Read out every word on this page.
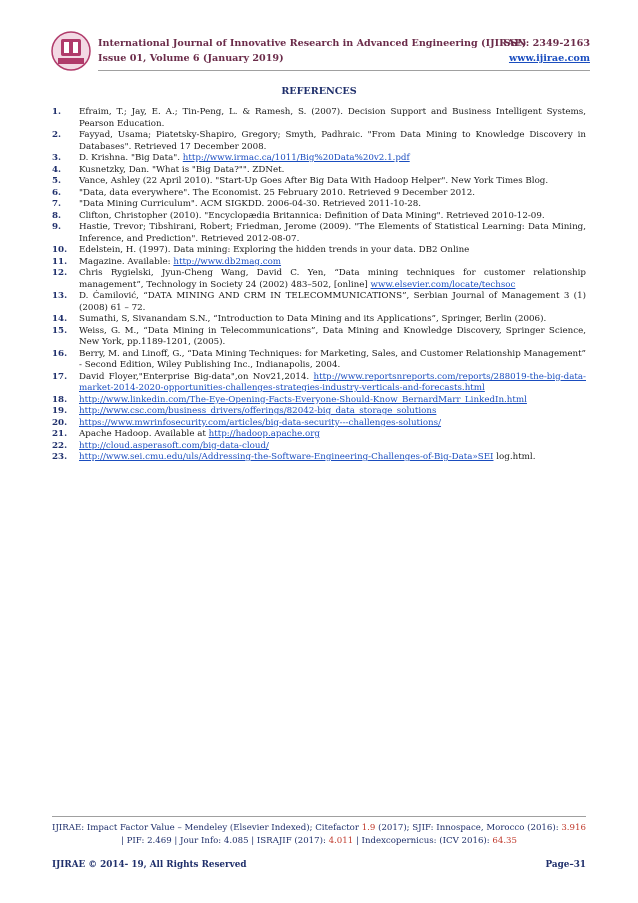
International Journal of Innovative Research in Advanced Engineering (IJIRAE)
ISSN: 2349-2163
Issue 01, Volume 6 (January 2019)	www.ijirae.com
REFERENCES
1.	Efraim, T.; Jay, E. A.; Tin-Peng, L. & Ramesh, S. (2007). Decision Support and Business Intelligent Systems, Pearson Education.
2.	Fayyad, Usama; Piatetsky-Shapiro, Gregory; Smyth, Padhraic. "From Data Mining to Knowledge Discovery in Databases". Retrieved 17 December 2008.
3.	D. Krishna. "Big Data". http://www.irmac.ca/1011/Big%20Data%20v2.1.pdf
4.	Kusnetzky, Dan. "What is "Big Data?"". ZDNet.
5.	Vance, Ashley (22 April 2010). "Start-Up Goes After Big Data With Hadoop Helper". New York Times Blog.
6.	"Data, data everywhere". The Economist. 25 February 2010. Retrieved 9 December 2012.
7.	"Data Mining Curriculum". ACM SIGKDD. 2006-04-30. Retrieved 2011-10-28.
8.	Clifton, Christopher (2010). "Encyclopædia Britannica: Definition of Data Mining". Retrieved 2010-12-09.
9.	Hastie, Trevor; Tibshirani, Robert; Friedman, Jerome (2009). "The Elements of Statistical Learning: Data Mining, Inference, and Prediction". Retrieved 2012-08-07.
10.	Edelstein, H. (1997). Data mining: Exploring the hidden trends in your data. DB2 Online
11.	Magazine. Available: http://www.db2mag.com
12.	Chris Rygielski, Jyun-Cheng Wang, David C. Yen, “Data mining techniques for customer relationship management”, Technology in Society 24 (2002) 483–502, [online] www.elsevier.com/locate/techsoc
13.	D. Ćamilović, “DATA MINING AND CRM IN TELECOMMUNICATIONS”, Serbian Journal of Management 3 (1) (2008) 61 – 72.
14.	Sumathi, S, Sivanandam S.N., “Introduction to Data Mining and its Applications”, Springer, Berlin (2006).
15.	Weiss, G. M., “Data Mining in Telecommunications”, Data Mining and Knowledge Discovery, Springer Science, New York, pp.1189-1201, (2005).
16.	Berry, M. and Linoff, G., “Data Mining Techniques: for Marketing, Sales, and Customer Relationship Management” - Second Edition, Wiley Publishing Inc., Indianapolis, 2004.
17.	David Floyer,"Enterprise Big-data",on Nov21,2014. http://www.reportsnreports.com/reports/288019-the-big-data-market-2014-2020-opportunities-challenges-strategies-industry-verticals-and-forecasts.html
18.	http://www.linkedin.com/The-Eye-Opening-Facts-Everyone-Should-Know_BernardMarr_LinkedIn.html
19.	http://www.csc.com/business_drivers/offerings/82042-big_data_storage_solutions
20.	https://www.mwrinfosecurity.com/articles/big-data-security---challenges-solutions/
21.	Apache Hadoop. Available at http://hadoop.apache.org
22.	http://cloud.asperasoft.com/big-data-cloud/
23.	http://www.sei.cmu.edu/uls/Addressing-the-Software-Engineering-Challenges-of-Big-Data»SEI log.html.
IJIRAE: Impact Factor Value – Mendeley (Elsevier Indexed); Citefactor 1.9 (2017); SJIF: Innospace, Morocco (2016): 3.916 | PIF: 2.469 | Jour Info: 4.085 | ISRAJIF (2017): 4.011 | Indexcopernicus: (ICV 2016): 64.35
IJIRAE © 2014- 19, All Rights Reserved	Page–31
